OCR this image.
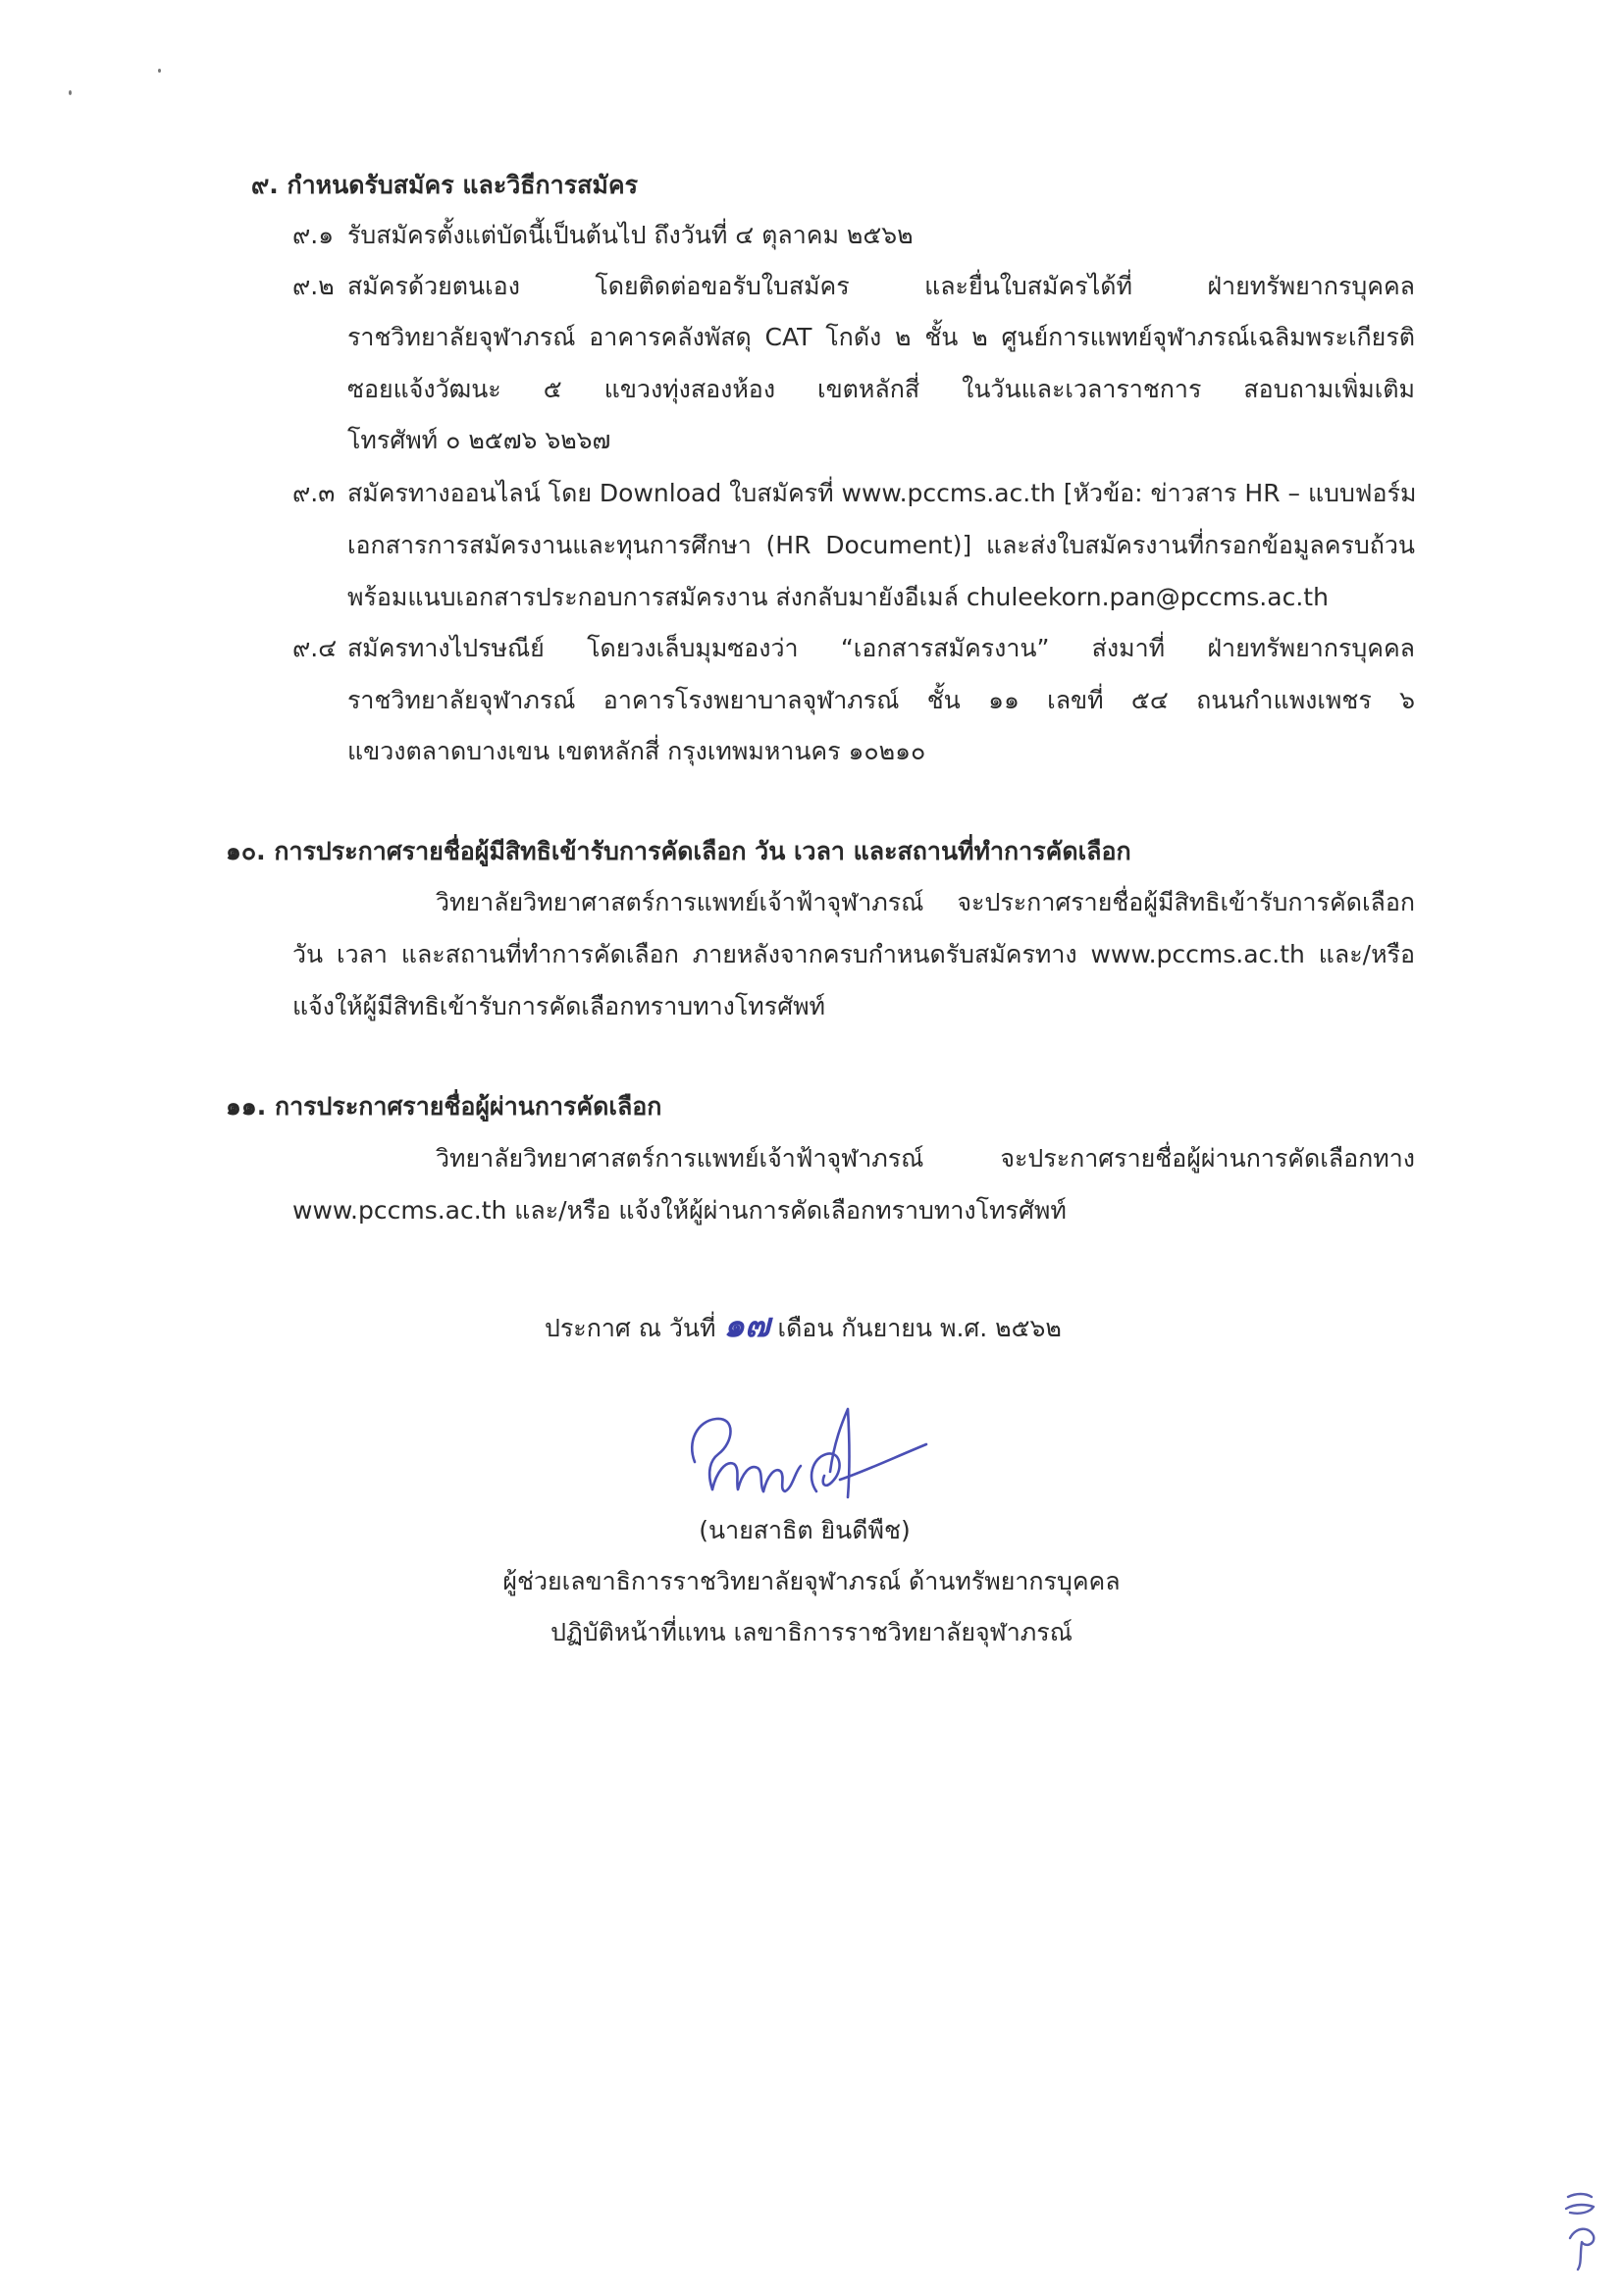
๙. กำหนดรับสมัคร และวิธีการสมัคร
๙.๑ รับสมัครตั้งแต่บัดนี้เป็นต้นไป ถึงวันที่ ๔ ตุลาคม ๒๕๖๒
๙.๒ สมัครด้วยตนเอง โดยติดต่อขอรับใบสมัคร และยื่นใบสมัครได้ที่ ฝ่ายทรัพยากรบุคคล
ราชวิทยาลัยจุฬาภรณ์ อาคารคลังพัสดุ CAT โกดัง ๒ ชั้น ๒ ศูนย์การแพทย์จุฬาภรณ์เฉลิมพระเกียรติ
ซอยแจ้งวัฒนะ ๕ แขวงทุ่งสองห้อง เขตหลักสี่ ในวันและเวลาราชการ สอบถามเพิ่มเติม
โทรศัพท์ ๐ ๒๕๗๖ ๖๒๖๗
๙.๓ สมัครทางออนไลน์ โดย Download ใบสมัครที่ www.pccms.ac.th [หัวข้อ: ข่าวสาร HR – แบบฟอร์ม
เอกสารการสมัครงานและทุนการศึกษา (HR Document)] และส่งใบสมัครงานที่กรอกข้อมูลครบถ้วน
พร้อมแนบเอกสารประกอบการสมัครงาน ส่งกลับมายังอีเมล์ chuleekorn.pan@pccms.ac.th
๙.๔ สมัครทางไปรษณีย์ โดยวงเล็บมุมซองว่า “เอกสารสมัครงาน” ส่งมาที่ ฝ่ายทรัพยากรบุคคล
ราชวิทยาลัยจุฬาภรณ์ อาคารโรงพยาบาลจุฬาภรณ์ ชั้น ๑๑ เลขที่ ๕๔ ถนนกำแพงเพชร ๖
แขวงตลาดบางเขน เขตหลักสี่ กรุงเทพมหานคร ๑๐๒๑๐
๑๐. การประกาศรายชื่อผู้มีสิทธิเข้ารับการคัดเลือก วัน เวลา และสถานที่ทำการคัดเลือก
วิทยาลัยวิทยาศาสตร์การแพทย์เจ้าฟ้าจุฬาภรณ์ จะประกาศรายชื่อผู้มีสิทธิเข้ารับการคัดเลือก
วัน เวลา และสถานที่ทำการคัดเลือก ภายหลังจากครบกำหนดรับสมัครทาง www.pccms.ac.th และ/หรือ
แจ้งให้ผู้มีสิทธิเข้ารับการคัดเลือกทราบทางโทรศัพท์
๑๑. การประกาศรายชื่อผู้ผ่านการคัดเลือก
วิทยาลัยวิทยาศาสตร์การแพทย์เจ้าฟ้าจุฬาภรณ์ จะประกาศรายชื่อผู้ผ่านการคัดเลือกทาง
www.pccms.ac.th และ/หรือ แจ้งให้ผู้ผ่านการคัดเลือกทราบทางโทรศัพท์
ประกาศ ณ วันที่ ๑๗ เดือน กันยายน พ.ศ. ๒๕๖๒
(นายสาธิต ยินดีพืช)
ผู้ช่วยเลขาธิการราชวิทยาลัยจุฬาภรณ์ ด้านทรัพยากรบุคคล
ปฏิบัติหน้าที่แทน เลขาธิการราชวิทยาลัยจุฬาภรณ์
